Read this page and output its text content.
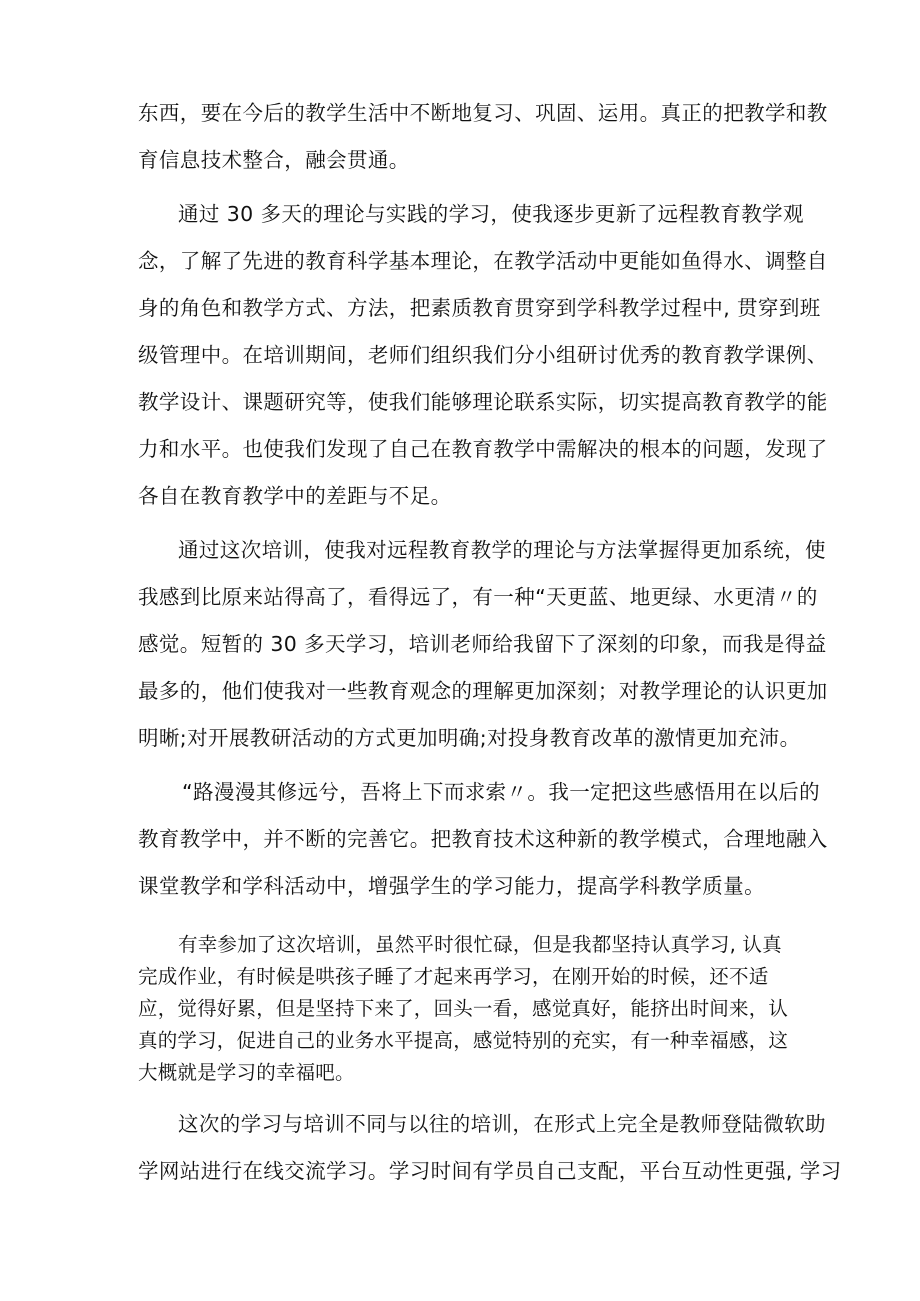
东西，要在今后的教学生活中不断地复习、巩固、运用。真正的把教学和教
育信息技术整合，融会贯通。
通过 30 多天的理论与实践的学习，使我逐步更新了远程教育教学观
念，了解了先进的教育科学基本理论，在教学活动中更能如鱼得水、调整自
身的角色和教学方式、方法，把素质教育贯穿到学科教学过程中, 贯穿到班
级管理中。在培训期间，老师们组织我们分小组研讨优秀的教育教学课例、
教学设计、课题研究等，使我们能够理论联系实际，切实提高教育教学的能
力和水平。也使我们发现了自己在教育教学中需解决的根本的问题，发现了
各自在教育教学中的差距与不足。
通过这次培训，使我对远程教育教学的理论与方法掌握得更加系统，使
我感到比原来站得高了，看得远了，有一种“天更蓝、地更绿、水更清〃的
感觉。短暂的 30 多天学习，培训老师给我留下了深刻的印象，而我是得益
最多的，他们使我对一些教育观念的理解更加深刻；对教学理论的认识更加
明晰;对开展教研活动的方式更加明确;对投身教育改革的激情更加充沛。
“路漫漫其修远兮，吾将上下而求索〃。我一定把这些感悟用在以后的
教育教学中，并不断的完善它。把教育技术这种新的教学模式，合理地融入
课堂教学和学科活动中，增强学生的学习能力，提高学科教学质量。
有幸参加了这次培训，虽然平时很忙碌，但是我都坚持认真学习, 认真
完成作业，有时候是哄孩子睡了才起来再学习，在刚开始的时候，还不适
应，觉得好累，但是坚持下来了，回头一看，感觉真好，能挤出时间来，认
真的学习，促进自己的业务水平提高，感觉特别的充实，有一种幸福感，这
大概就是学习的幸福吧。
这次的学习与培训不同与以往的培训，在形式上完全是教师登陆微软助
学网站进行在线交流学习。学习时间有学员自己支配，平台互动性更强, 学习
